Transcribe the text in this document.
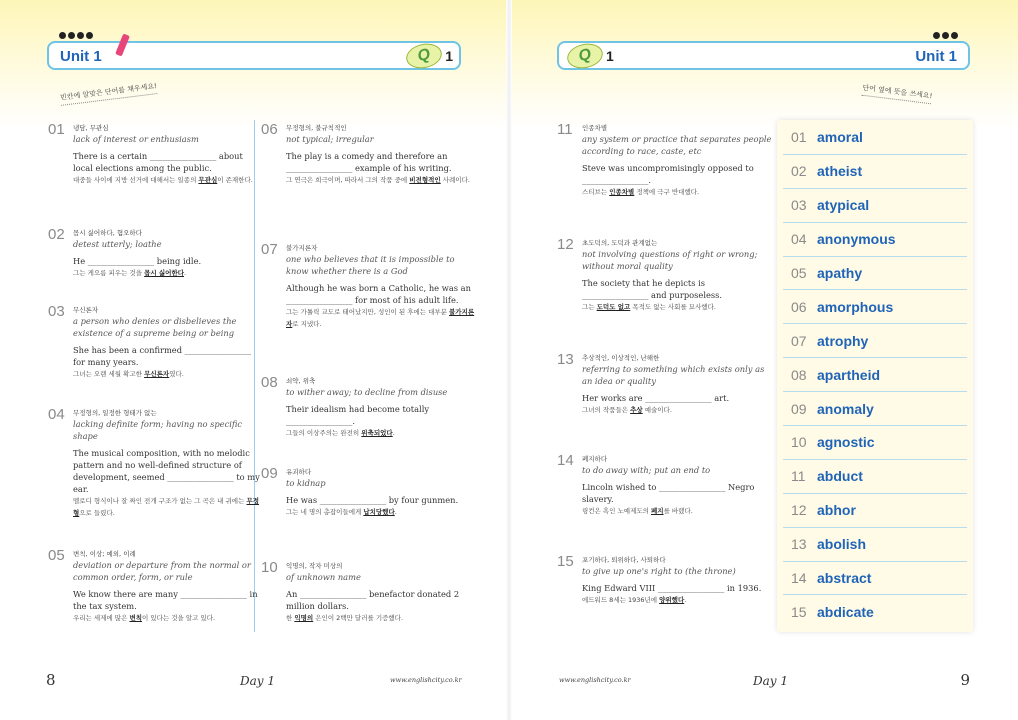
Unit 1	Q 1
빈칸에 알맞은 단어를 채우세요!
01 냉담, 무관심
lack of interest or enthusiasm
There is a certain ________________ about local elections among the public.
대중들 사이에 지방 선거에 대해서는 일종의 무관심이 존재한다.
02 몹시 싫어하다, 혐오하다
detest utterly; loathe
He ________________ being idle.
그는 게으름 피우는 것을 몹시 싫어한다.
03 무신론자
a person who denies or disbelieves the existence of a supreme being or being
She has been a confirmed ________________ for many years.
그녀는 오랜 세월 확고한 무신론자였다.
04 무정형의, 일정한 형태가 없는
lacking definite form; having no specific shape
The musical composition, with no melodic pattern and no well-defined structure of development, seemed ________________ to my ear.
멜로디 형식이나 잘 짜인 전개 구조가 없는 그 곡은 내 귀에는 무정형으로 들렸다.
05 변칙, 이상; 예외, 이례
deviation or departure from the normal or common order, form, or rule
We know there are many ________________ in the tax system.
우리는 세제에 많은 변칙이 있다는 것을 알고 있다.
06 무정형의, 불규칙적인
not typical; irregular
The play is a comedy and therefore an ________________ example of his writing.
그 연극은 희극이며, 따라서 그의 작품 중에 비전형적인 사례이다.
07 불가지론자
one who believes that it is impossible to know whether there is a God
Although he was born a Catholic, he was an ________________ for most of his adult life.
그는 가톨릭 교도로 태어났지만, 성인이 된 후에는 대부분 불가지론자로 지냈다.
08 쇠약, 위축
to wither away; to decline from disuse
Their idealism had become totally ________________.
그들의 이상주의는 완전히 위축되었다.
09 유괴하다
to kidnap
He was ________________ by four gunmen.
그는 네 명의 총잡이들에게 납치당했다.
10 익명의, 작자 미상의
of unknown name
An ________________ benefactor donated 2 million dollars.
한 익명의 은인이 2백만 달러를 기증했다.
8	Day 1	www.englishcity.co.kr
Q 1	Unit 1
단어 옆에 뜻을 쓰세요!
11 인종차별
any system or practice that separates people according to race, caste, etc
Steve was uncompromisingly opposed to ________________.
스티브는 인종차별 정책에 극구 반대했다.
12 초도덕의, 도덕과 관계없는
not involving questions of right or wrong; without moral quality
The society that he depicts is ________________ and purposeless.
그는 도덕도 없고 목적도 없는 사회를 묘사했다.
13 추상적인, 이상적인, 난해한
referring to something which exists only as an idea or quality
Her works are ________________ art.
그녀의 작품들은 추상 예술이다.
14 폐지하다
to do away with; put an end to
Lincoln wished to ________________ Negro slavery.
링컨은 흑인 노예제도의 폐지를 바랬다.
15 포기하다, 퇴위하다, 사퇴하다
to give up one's right to (the throne)
King Edward VIII ________________ in 1936.
에드워드 8세는 1936년에 양위했다.
01 amoral
02 atheist
03 atypical
04 anonymous
05 apathy
06 amorphous
07 atrophy
08 apartheid
09 anomaly
10 agnostic
11 abduct
12 abhor
13 abolish
14 abstract
15 abdicate
9
Day 1
www.englishcity.co.kr
